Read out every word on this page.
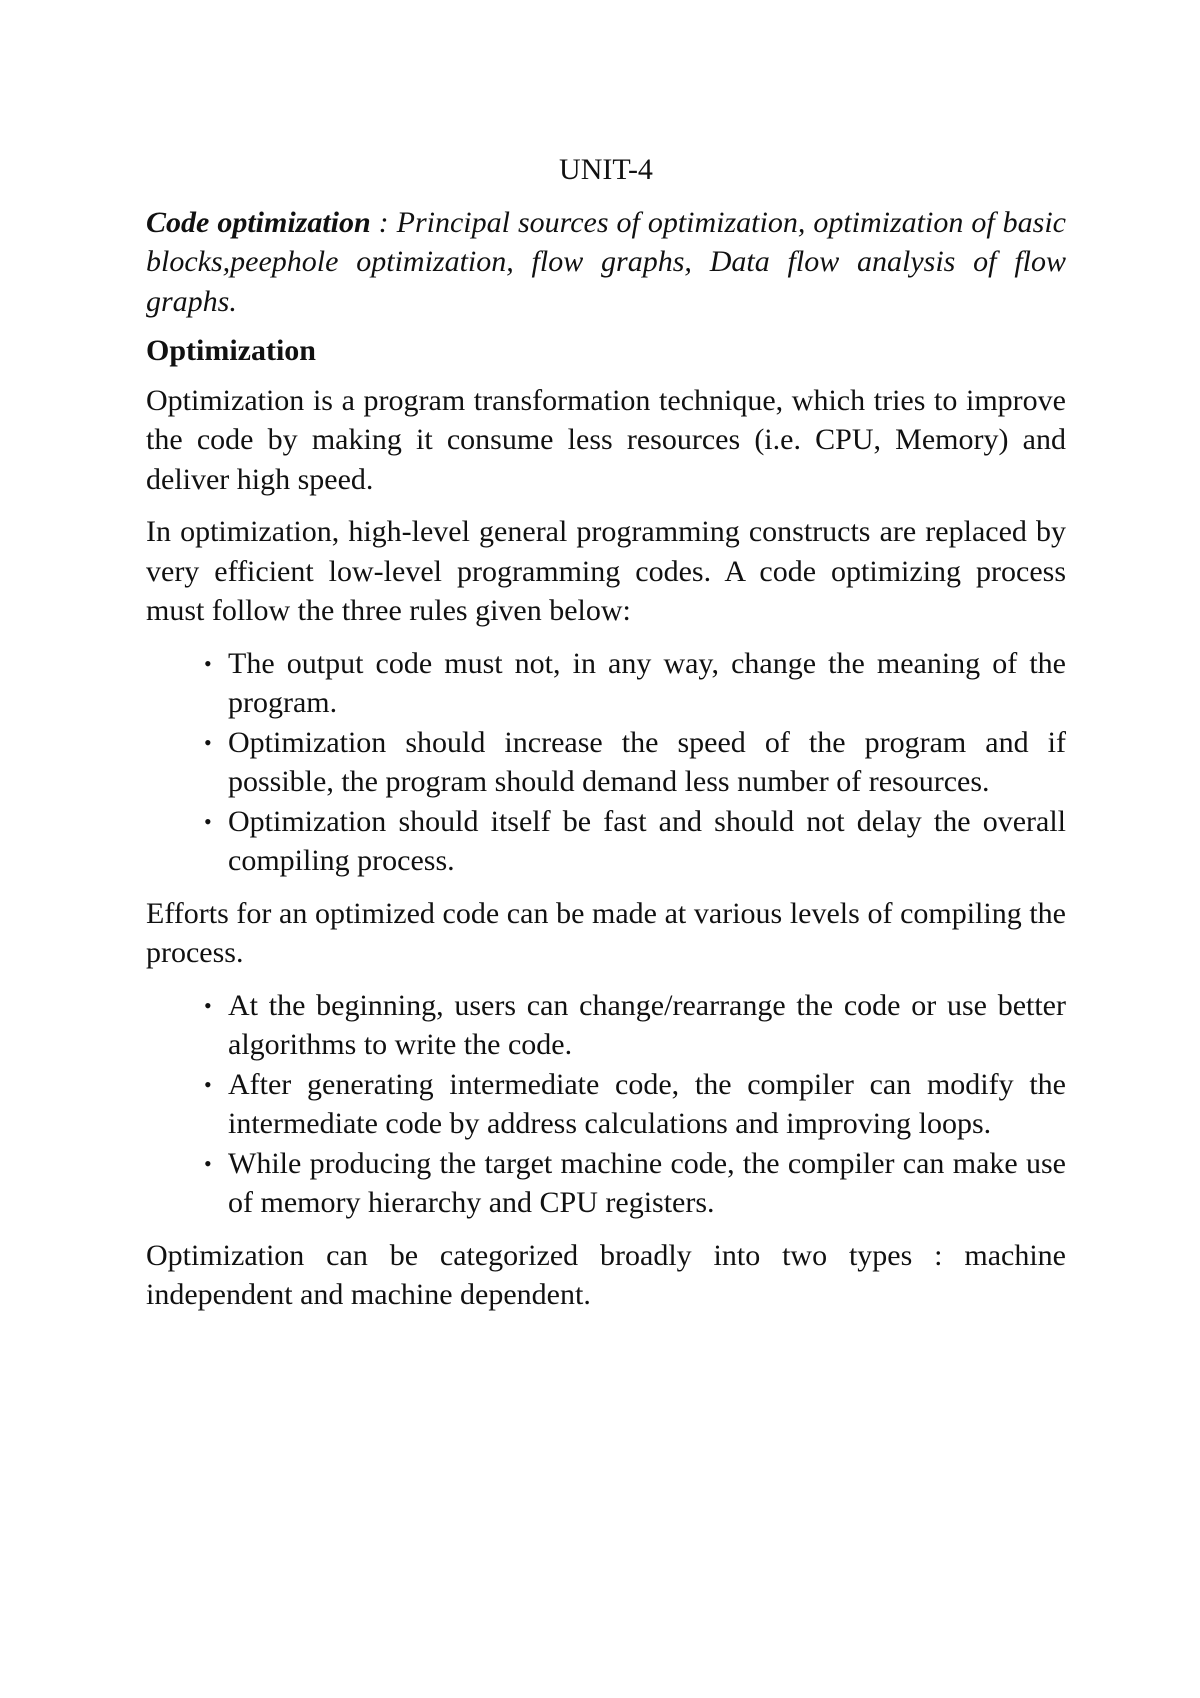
UNIT-4

Code optimization : Principal sources of optimization, optimization of basic blocks,peephole optimization, flow graphs, Data flow analysis of flow graphs.

Optimization

Optimization is a program transformation technique, which tries to improve the code by making it consume less resources (i.e. CPU, Memory) and deliver high speed.

In optimization, high-level general programming constructs are replaced by very efficient low-level programming codes. A code optimizing process must follow the three rules given below:

• The output code must not, in any way, change the meaning of the program.
• Optimization should increase the speed of the program and if possible, the program should demand less number of resources.
• Optimization should itself be fast and should not delay the overall compiling process.

Efforts for an optimized code can be made at various levels of compiling the process.

• At the beginning, users can change/rearrange the code or use better algorithms to write the code.
• After generating intermediate code, the compiler can modify the intermediate code by address calculations and improving loops.
• While producing the target machine code, the compiler can make use of memory hierarchy and CPU registers.

Optimization can be categorized broadly into two types : machine independent and machine dependent.
